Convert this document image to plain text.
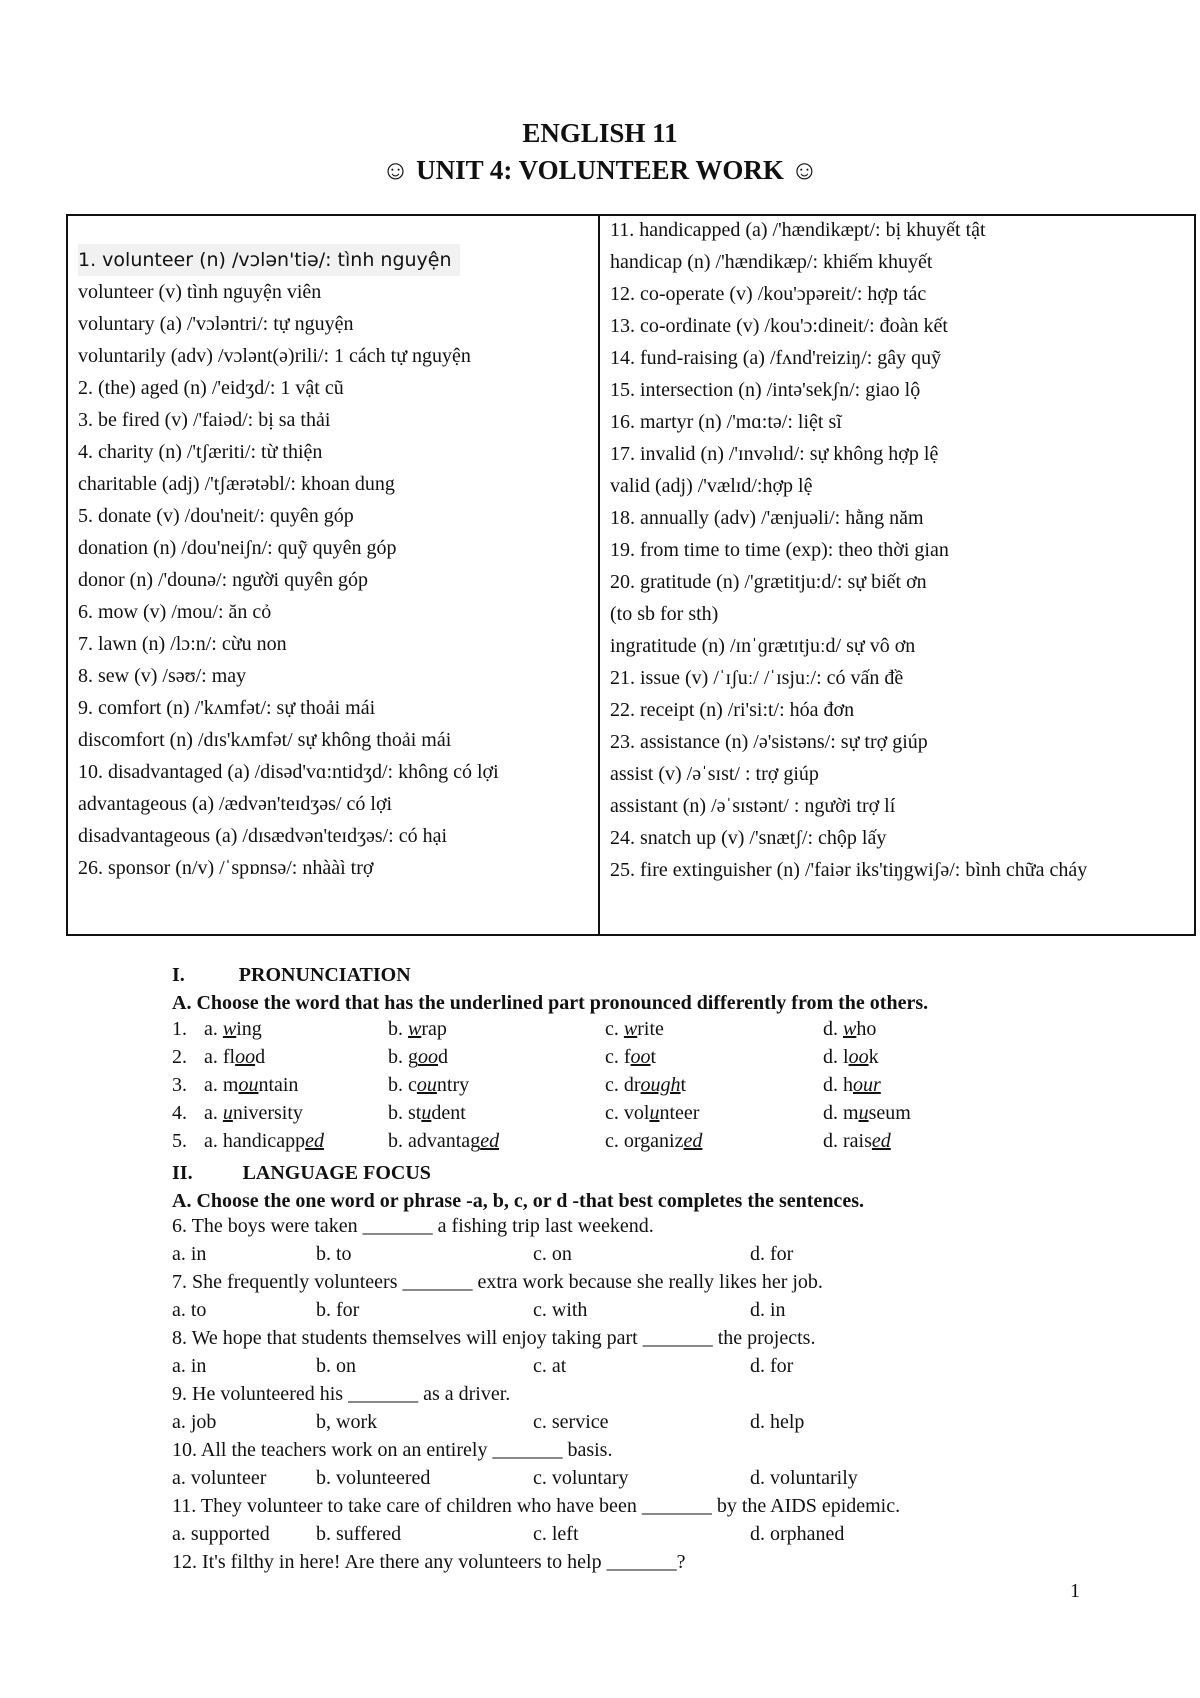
ENGLISH 11
☺ UNIT 4: VOLUNTEER WORK ☺
1. volunteer (n) /vɔlən'tiə/: tình nguyện
volunteer (v) tình nguyện viên
voluntary (a) /'vɔləntri/: tự nguyện
voluntarily (adv) /vɔlənt(ə)rili/: 1 cách tự nguyện
2. (the) aged (n) /'eidʒd/: 1 vật cũ
3. be fired (v) /'faiəd/: bị sa thải
4. charity (n) /'tʃæriti/: từ thiện
charitable (adj) /'tʃærətəbl/: khoan dung
5. donate (v) /dou'neit/: quyên góp
donation (n) /dou'neiʃn/: quỹ quyên góp
donor (n) /'dounə/: người quyên góp
6. mow (v) /mou/: ăn cỏ
7. lawn (n) /lɔ:n/: cừu non
8. sew (v) /səʊ/: may
9. comfort (n) /'kʌmfət/: sự thoải mái
discomfort (n) /dɪs'kʌmfət/ sự không thoải mái
10. disadvantaged (a) /disəd'vɑ:ntidʒd/: không có lợi
advantageous (a) /ædvən'teɪdʒəs/ có lợi
disadvantageous (a) /dɪsædvən'teɪdʒəs/: có hại
26. sponsor (n/v) /ˈspɒnsə/: nhààì trợ
11. handicapped (a) /'hændikæpt/: bị khuyết tật
handicap (n) /'hændikæp/: khiếm khuyết
12. co-operate (v) /kou'ɔpəreit/: hợp tác
13. co-ordinate (v) /kou'ɔ:dineit/: đoàn kết
14. fund-raising (a) /fʌnd'reiziŋ/: gây quỹ
15. intersection (n) /intə'sekʃn/: giao lộ
16. martyr (n) /'mɑ:tə/: liệt sĩ
17. invalid (n) /'ɪnvəlɪd/: sự không hợp lệ
valid (adj) /'vælɪd/:hợp lệ
18. annually (adv) /'ænjuəli/: hằng năm
19. from time to time (exp): theo thời gian
20. gratitude (n) /'grætitju:d/: sự biết ơn
(to sb for sth)
ingratitude (n) /ɪnˈɡrætɪtjuːd/ sự vô ơn
21. issue (v) /ˈɪʃuː/ /ˈɪsjuː/: có vấn đề
22. receipt (n) /ri'si:t/: hóa đơn
23. assistance (n) /ə'sistəns/: sự trợ giúp
assist (v) /əˈsɪst/ : trợ giúp
assistant (n) /əˈsɪstənt/ : người trợ lí
24. snatch up (v) /'snætʃ/: chộp lấy
25. fire extinguisher (n) /'faiər iks'tiŋgwiʃə/: bình chữa cháy
I.	PRONUNCIATION
A. Choose the word that has the underlined part pronounced differently from the others.
1. a. wing	b. wrap	c. write	d. who
2. a. flood	b. good	c. foot	d. look
3. a. mountain	b. country	c. drought	d. hour
4. a. university	b. student	c. volunteer	d. museum
5. a. handicapped	b. advantaged	c. organized	d. raised
II.	LANGUAGE FOCUS
A. Choose the one word or phrase -a, b, c, or d -that best completes the sentences.
6. The boys were taken _______ a fishing trip last weekend.
a. in	b. to	c. on	d. for
7. She frequently volunteers _______ extra work because she really likes her job.
a. to	b. for	c. with	d. in
8. We hope that students themselves will enjoy taking part _______ the projects.
a. in	b. on	c. at	d. for
9. He volunteered his _______ as a driver.
a. job	b, work	c. service	d. help
10. All the teachers work on an entirely _______ basis.
a. volunteer b. volunteered	c. voluntary	d. voluntarily
11. They volunteer to take care of children who have been _______ by the AIDS epidemic.
a. supported b. suffered	c. left	d. orphaned
12. It's filthy in here! Are there any volunteers to help _______?
1
